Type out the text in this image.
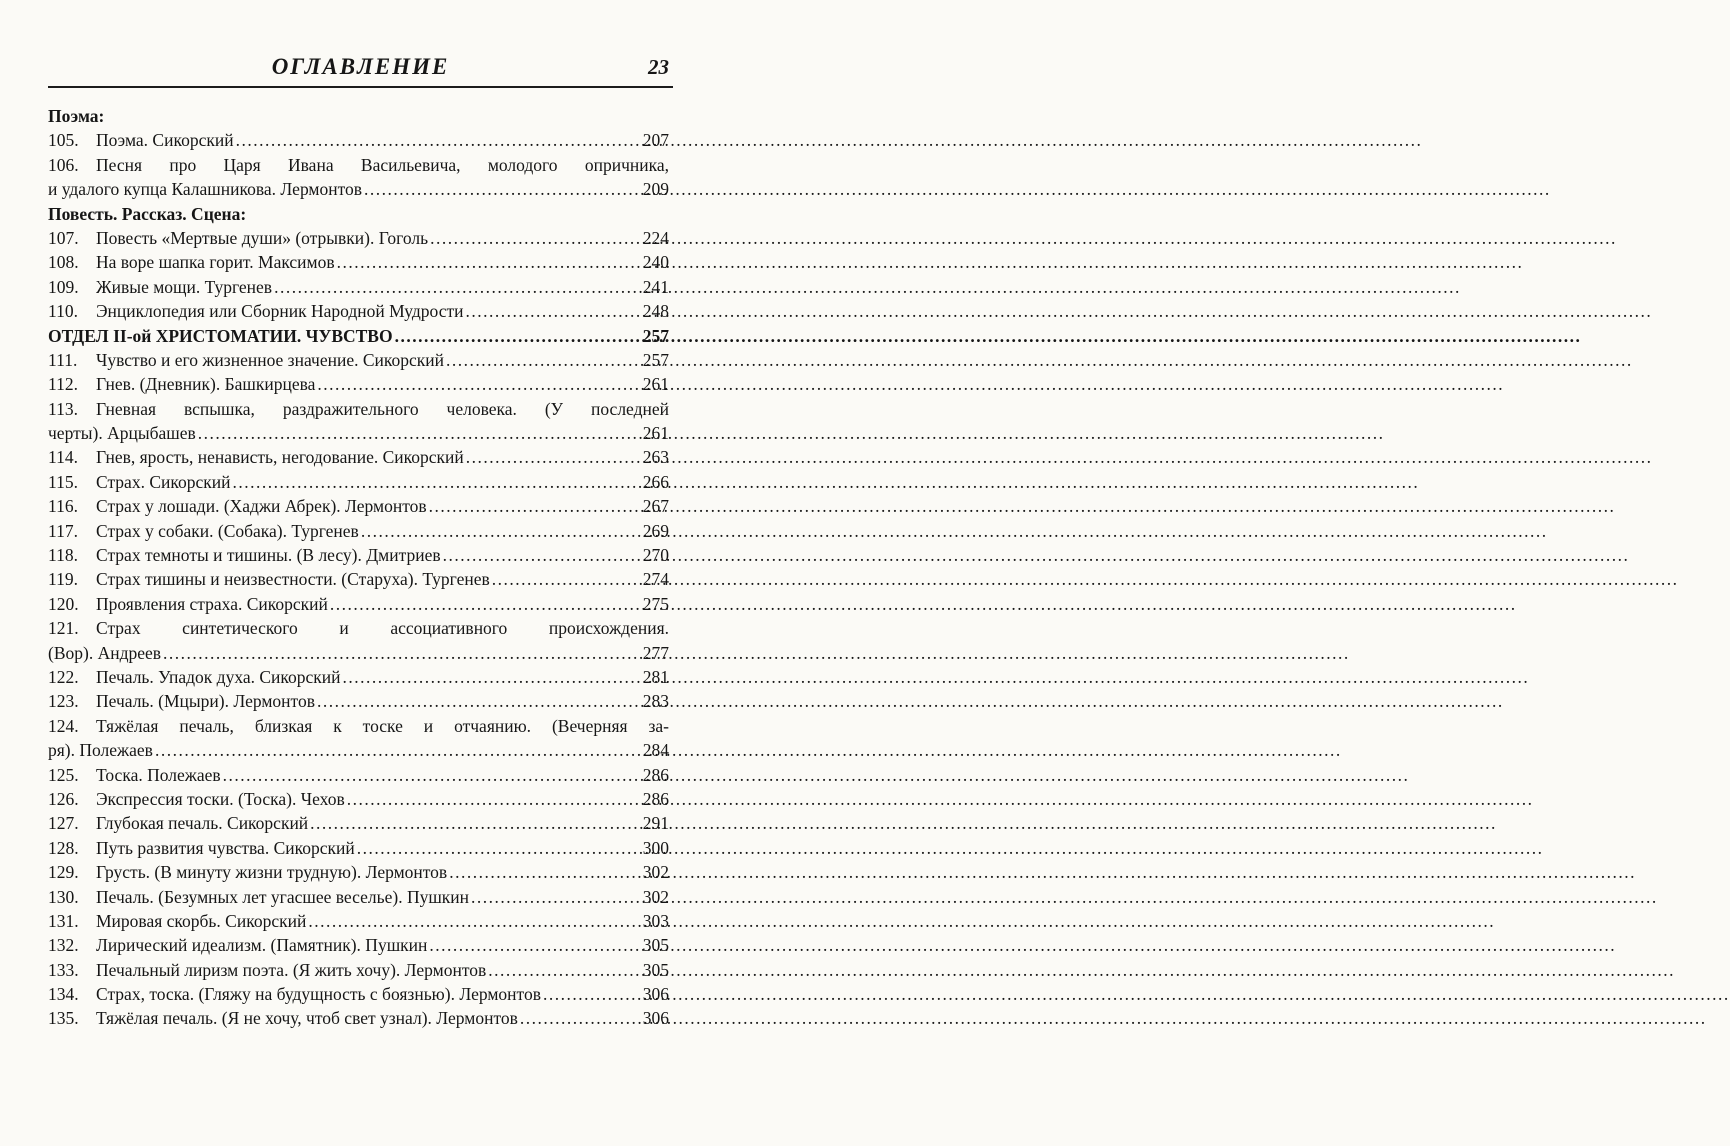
ОГЛАВЛЕНИЕ	23
Поэма:
105. Поэма. Сикорский .....	207
106. Песня про Царя Ивана Васильевича, молодого опричника,
и удалого купца Калашникова. Лермонтов .....	209
Повесть. Рассказ. Сцена:
107. Повесть «Мертвые души» (отрывки). Гоголь .....	224
108. На воре шапка горит. Максимов .....	240
109. Живые мощи. Тургенев .....	241
110.	Энциклопедия или Сборник Народной Мудрости .....	248
ОТДЕЛ II-ой ХРИСТОМАТИИ. ЧУВСТВО .....	257
111.	Чувство и его жизненное значение. Сикорский .....	257
112.	Гнев. (Дневник). Башкирцева .....	261
113.	Гневная вспышка, раздражительного человека. (У последней
черты). Арцыбашев .....	261
114.	Гнев, ярость, ненависть, негодование. Сикорский .....	263
115.	Страх. Сикорский .....	266
116.	Страх у лошади. (Хаджи Абрек). Лермонтов .....	267
117.	Страх у собаки. (Собака). Тургенев .....	269
118.	Страх темноты и тишины. (В лесу). Дмитриев .....	270
119.	Страх тишины и неизвестности. (Старуха). Тургенев .....	274
120. Проявления страха. Сикорский .....	275
121. Страх синтетического и ассоциативного происхождения.
(Вор). Андреев .....	277
122. Печаль. Упадок духа. Сикорский .....	281
123. Печаль. (Мцыри). Лермонтов .....	283
124. Тяжёлая печаль, близкая к тоске и отчаянию. (Вечерняя за-
ря). Полежаев .....	284
125. Тоска. Полежаев .....	286
126. Экспрессия тоски. (Тоска). Чехов .....	286
127. Глубокая печаль. Сикорский .....	291
128. Путь развития чувства. Сикорский .....	300
129. Грусть. (В минуту жизни трудную). Лермонтов .....	302
130. Печаль. (Безумных лет угасшее веселье). Пушкин .....	302
131. Мировая скорбь. Сикорский .....	303
132. Лирический идеализм. (Памятник). Пушкин .....	305
133. Печальный лиризм поэта. (Я жить хочу). Лермонтов .....	305
134. Страх, тоска. (Гляжу на будущность с боязнью). Лермонтов .....	306
135. Тяжёлая печаль. (Я не хочу, чтоб свет узнал). Лермонтов .....	306
